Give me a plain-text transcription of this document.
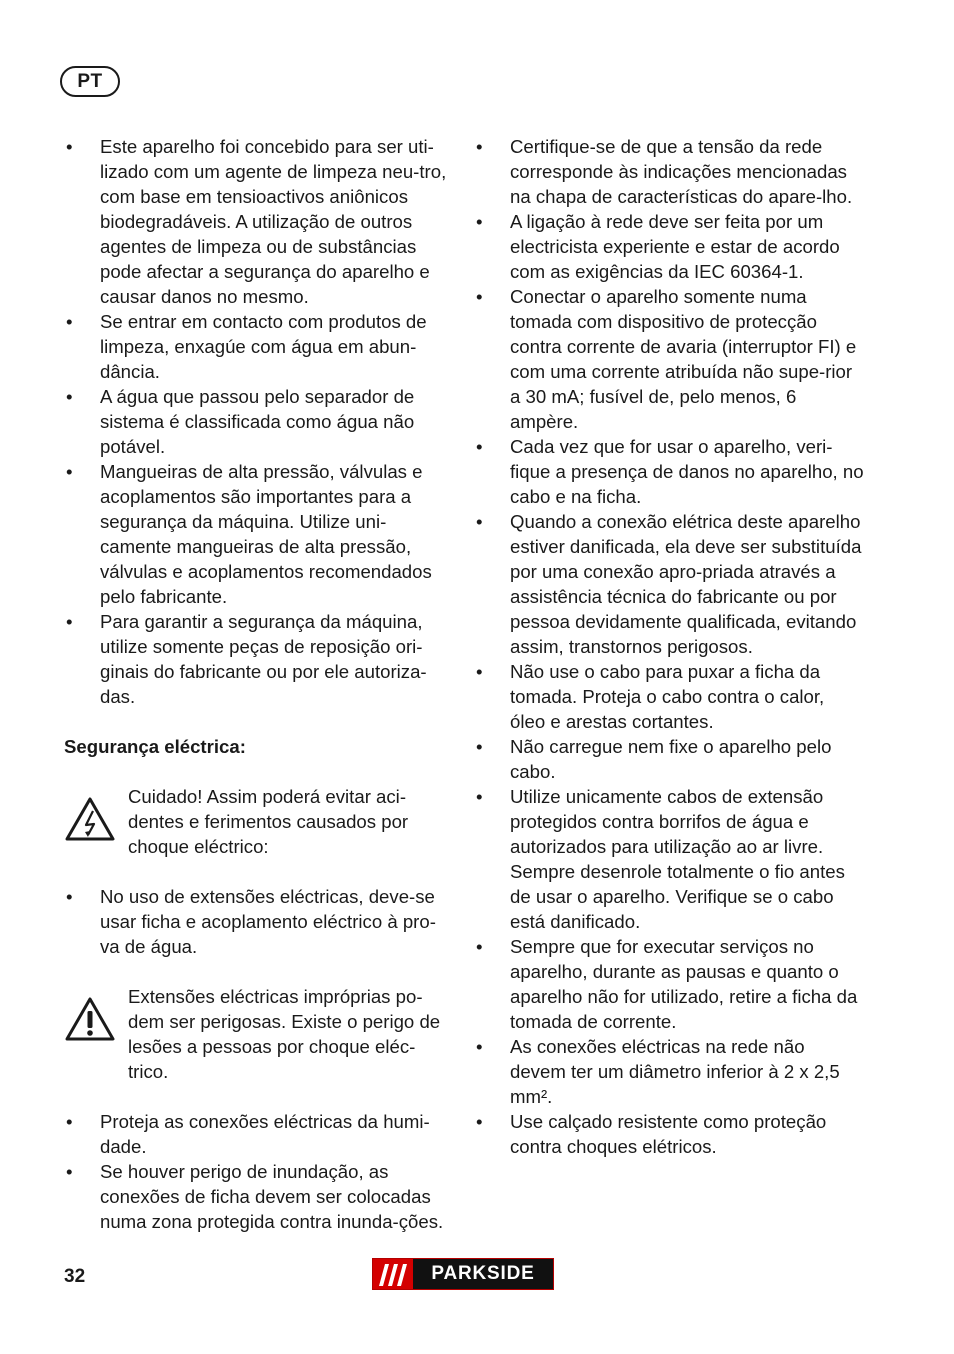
PT
• Este aparelho foi concebido para ser uti-lizado com um agente de limpeza neu-tro, com base em tensioactivos aniônicos biodegradáveis. A utilização de outros agentes de limpeza ou de substâncias pode afectar a segurança do aparelho e causar danos no mesmo.
• Se entrar em contacto com produtos de limpeza, enxagúe com água em abun-dância.
• A água que passou pelo separador de sistema é classificada como água não potável.
• Mangueiras de alta pressão, válvulas e acoplamentos são importantes para a segurança da máquina. Utilize uni-camente mangueiras de alta pressão, válvulas e acoplamentos recomendados pelo fabricante.
• Para garantir a segurança da máquina, utilize somente peças de reposição ori-ginais do fabricante ou por ele autoriza-das.
Segurança eléctrica:
Cuidado! Assim poderá evitar aci-dentes e ferimentos causados por choque eléctrico:
• No uso de extensões eléctricas, deve-se usar ficha e acoplamento eléctrico à pro-va de água.
Extensões eléctricas impróprias po-dem ser perigosas. Existe o perigo de lesões a pessoas por choque eléc-trico.
• Proteja as conexões eléctricas da humi-dade.
• Se houver perigo de inundação, as conexões de ficha devem ser colocadas numa zona protegida contra inunda-ções.
• Certifique-se de que a tensão da rede corresponde às indicações mencionadas na chapa de características do apare-lho.
• A ligação à rede deve ser feita por um electricista experiente e estar de acordo com as exigências da IEC 60364-1.
• Conectar o aparelho somente numa tomada com dispositivo de protecção contra corrente de avaria (interruptor FI) e com uma corrente atribuída não supe-rior a 30 mA; fusível de, pelo menos, 6 ampère.
• Cada vez que for usar o aparelho, veri-fique a presença de danos no aparelho, no cabo e na ficha.
• Quando a conexão elétrica deste aparelho estiver danificada, ela deve ser substituída por uma conexão apro-priada através a assistência técnica do fabricante ou por pessoa devidamente qualificada, evitando assim, transtornos perigosos.
• Não use o cabo para puxar a ficha da tomada. Proteja o cabo contra o calor, óleo e arestas cortantes.
• Não carregue nem fixe o aparelho pelo cabo.
• Utilize unicamente cabos de extensão protegidos contra borrifos de água e autorizados para utilização ao ar livre. Sempre desenrole totalmente o fio antes de usar o aparelho. Verifique se o cabo está danificado.
• Sempre que for executar serviços no aparelho, durante as pausas e quanto o aparelho não for utilizado, retire a ficha da tomada de corrente.
• As conexões eléctricas na rede não devem ter um diâmetro inferior à 2 x 2,5 mm².
• Use calçado resistente como proteção contra choques elétricos.
32	PARKSIDE
